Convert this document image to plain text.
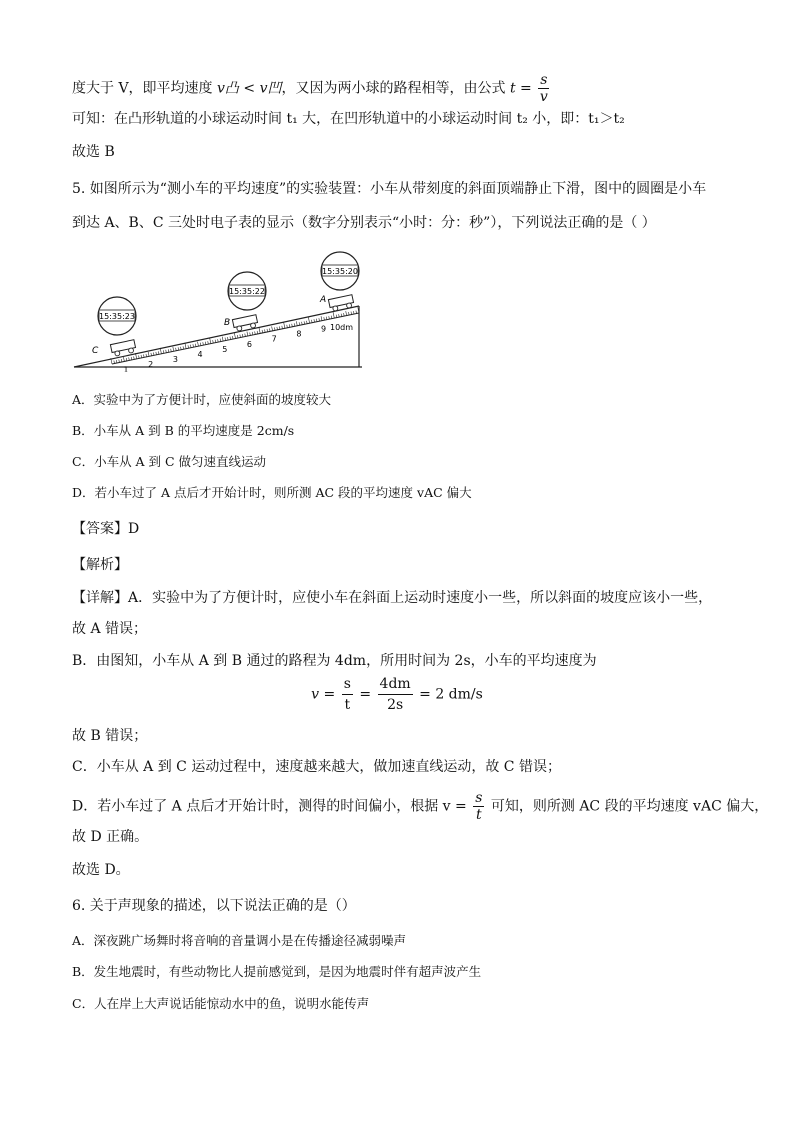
度大于 V，即平均速度 v凸 < v凹，又因为两小球的路程相等，由公式 $t = \frac{s}{v}$
可知：在凸形轨道的小球运动时间 t₁ 大，在凹形轨道中的小球运动时间 t₂ 小，即：t₁＞t₂
故选 B
5. 如图所示为“测小车的平均速度”的实验装置：小车从带刻度的斜面顶端静止下滑，图中的圆圈是小车
到达 A、B、C 三处时电子表的显示（数字分别表示“小时：分：秒”），下列说法正确的是（ ）
15:35:23
15:35:22
15:35:20
C
B
A
10dm
1
2
3
4
5
6
7
8
9
A．实验中为了方便计时，应使斜面的坡度较大
B．小车从 A 到 B 的平均速度是 2cm/s
C．小车从 A 到 C 做匀速直线运动
D．若小车过了 A 点后才开始计时，则所测 AC 段的平均速度 vAC 偏大
【答案】D
【解析】
【详解】A．实验中为了方便计时，应使小车在斜面上运动时速度小一些，所以斜面的坡度应该小一些，
故 A 错误；
B．由图知，小车从 A 到 B 通过的路程为 4dm，所用时间为 2s，小车的平均速度为
$v = \frac{s}{t} = \frac{4dm}{2s} = 2$ dm/s
故 B 错误；
C．小车从 A 到 C 运动过程中，速度越来越大，做加速直线运动，故 C 错误；
D．若小车过了 A 点后才开始计时，测得的时间偏小，根据 $v = \frac{s}{t}$ 可知，则所测 AC 段的平均速度 vAC 偏大，
故 D 正确。
故选 D。
6. 关于声现象的描述，以下说法正确的是（）
A．深夜跳广场舞时将音响的音量调小是在传播途径减弱噪声
B．发生地震时，有些动物比人提前感觉到，是因为地震时伴有超声波产生
C．人在岸上大声说话能惊动水中的鱼，说明水能传声
